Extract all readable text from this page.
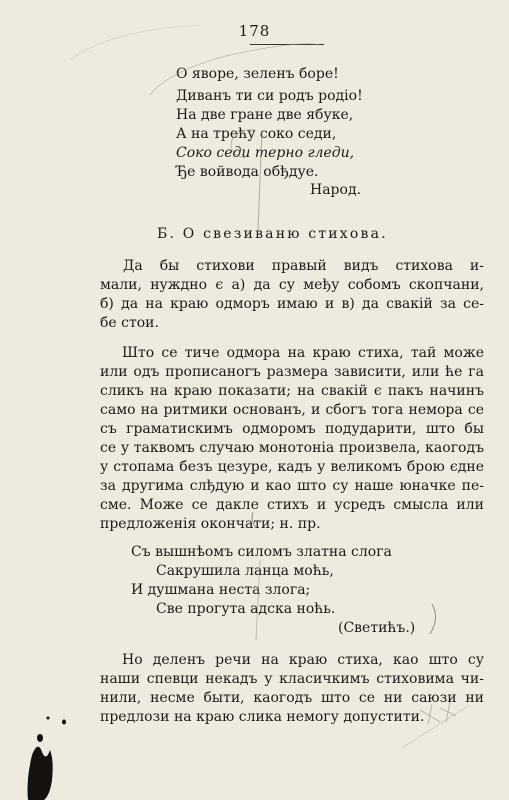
178
О яворе, зеленъ боре!
Диванъ ти си родъ родіо!
На две гране две ябуке,
А на трећу соко седи,
Соко седи терно гледи,
Ђе войвода обђдуе.
Народ.
Б. О свезиваню стихова.
Да бы стихови правый видъ стихова и-
мали, нуждно є а) да су међу собомъ скопчани,
б) да на краю одморъ имаю и в) да свакій за се-
бе стои.
Што се тиче одмора на краю стиха, тай може
или одъ прописаногъ размера зависити, или ће га
сликъ на краю показати; на свакій є пакъ начинъ
само на ритмики основанъ, и сбогъ тога немора се
съ граматискимъ одморомъ подударити, што бы
се у таквомъ случаю монотоніа произвела, каогодъ
у стопама безъ цезуре, кадъ у великомъ брою єдне
за другима слђдую и као што су наше юначке пе-
сме. Може се дакле стихъ и усредъ смысла или
предложенія окончати; н. пр.
Съ вышнѣомъ силомъ златна слога
Сакрушила ланца моћь,
И душмана неста злога;
Све прогута адска ноћь.
(Светићъ.)
Но деленъ речи на краю стиха, као што су
наши спевци некадъ у класичкимъ стиховима чи-
нили, несме быти, каогодъ што се ни саюзи ни
предлози на краю слика немогу допустити.
